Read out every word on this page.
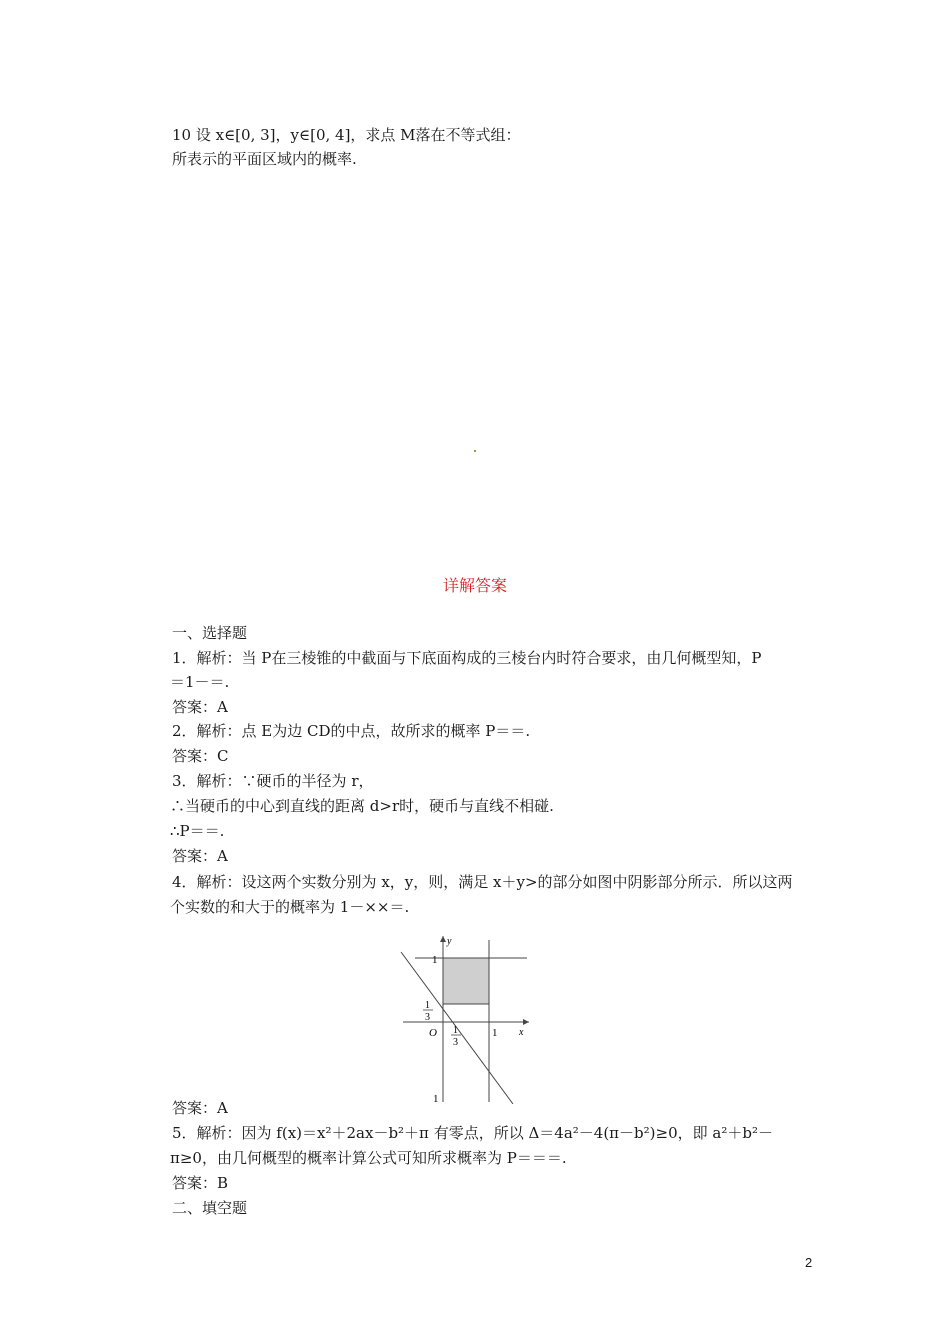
10 设 x∈[0, 3]，y∈[0, 4]，求点 M落在不等式组：
所表示的平面区域内的概率.
详解答案
一、选择题
1．解析：当 P在三棱锥的中截面与下底面构成的三棱台内时符合要求，由几何概型知，P
＝1－＝.
答案：A
2．解析：点 E为边 CD的中点，故所求的概率 P＝＝.
答案：C
3．解析：∵硬币的半径为 r，
∴当硬币的中心到直线的距离 d>r时，硬币与直线不相碰.
∴P＝＝.
答案：A
4．解析：设这两个实数分别为 x，y，则，满足 x＋y>的部分如图中阴影部分所示．所以这两
个实数的和大于的概率为 1－××＝.
y
x
O
1
1
1
1
3
1
3
答案：A
5．解析：因为 f(x)＝x²＋2ax－b²＋π 有零点，所以 Δ＝4a²－4(π－b²)≥0，即 a²＋b²－
π≥0，由几何概型的概率计算公式可知所求概率为 P＝＝＝.
答案：B
二、填空题
2
